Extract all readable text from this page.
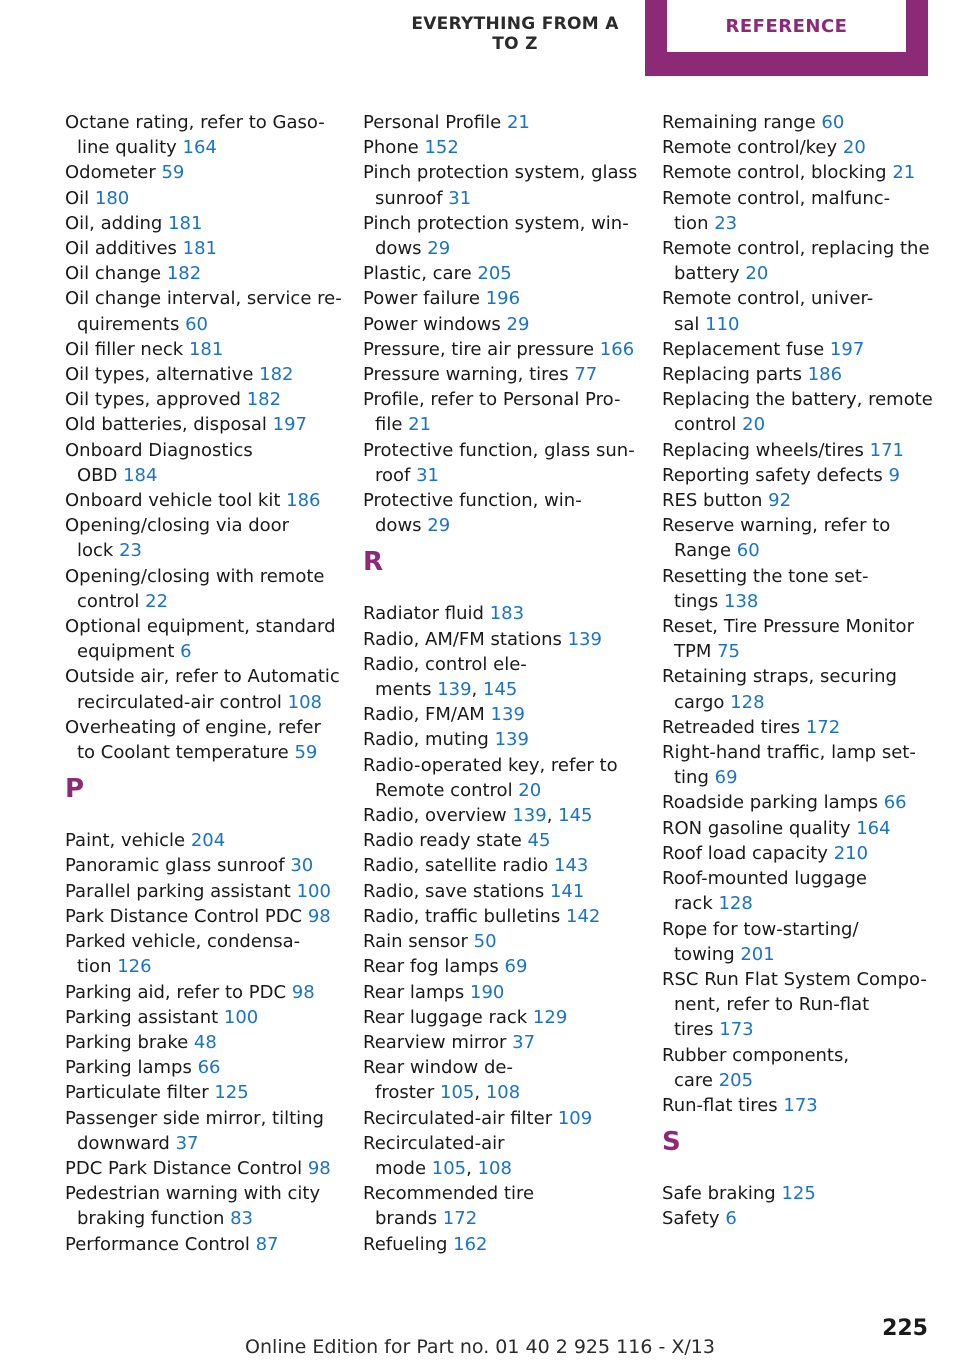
EVERYTHING FROM A TO Z
REFERENCE
Octane rating, refer to Gaso-
line quality 164
Odometer 59
Oil 180
Oil, adding 181
Oil additives 181
Oil change 182
Oil change interval, service re-
quirements 60
Oil filler neck 181
Oil types, alternative 182
Oil types, approved 182
Old batteries, disposal 197
Onboard Diagnostics
OBD 184
Onboard vehicle tool kit 186
Opening/closing via door
lock 23
Opening/closing with remote
control 22
Optional equipment, standard
equipment 6
Outside air, refer to Automatic
recirculated-air control 108
Overheating of engine, refer
to Coolant temperature 59
P
Paint, vehicle 204
Panoramic glass sunroof 30
Parallel parking assistant 100
Park Distance Control PDC 98
Parked vehicle, condensa-
tion 126
Parking aid, refer to PDC 98
Parking assistant 100
Parking brake 48
Parking lamps 66
Particulate filter 125
Passenger side mirror, tilting
downward 37
PDC Park Distance Control 98
Pedestrian warning with city
braking function 83
Performance Control 87
Personal Profile 21
Phone 152
Pinch protection system, glass
sunroof 31
Pinch protection system, win-
dows 29
Plastic, care 205
Power failure 196
Power windows 29
Pressure, tire air pressure 166
Pressure warning, tires 77
Profile, refer to Personal Pro-
file 21
Protective function, glass sun-
roof 31
Protective function, win-
dows 29
R
Radiator fluid 183
Radio, AM/FM stations 139
Radio, control ele-
ments 139, 145
Radio, FM/AM 139
Radio, muting 139
Radio-operated key, refer to
Remote control 20
Radio, overview 139, 145
Radio ready state 45
Radio, satellite radio 143
Radio, save stations 141
Radio, traffic bulletins 142
Rain sensor 50
Rear fog lamps 69
Rear lamps 190
Rear luggage rack 129
Rearview mirror 37
Rear window de-
froster 105, 108
Recirculated-air filter 109
Recirculated-air
mode 105, 108
Recommended tire
brands 172
Refueling 162
Remaining range 60
Remote control/key 20
Remote control, blocking 21
Remote control, malfunc-
tion 23
Remote control, replacing the
battery 20
Remote control, univer-
sal 110
Replacement fuse 197
Replacing parts 186
Replacing the battery, remote
control 20
Replacing wheels/tires 171
Reporting safety defects 9
RES button 92
Reserve warning, refer to
Range 60
Resetting the tone set-
tings 138
Reset, Tire Pressure Monitor
TPM 75
Retaining straps, securing
cargo 128
Retreaded tires 172
Right-hand traffic, lamp set-
ting 69
Roadside parking lamps 66
RON gasoline quality 164
Roof load capacity 210
Roof-mounted luggage
rack 128
Rope for tow-starting/
towing 201
RSC Run Flat System Compo-
nent, refer to Run-flat
tires 173
Rubber components,
care 205
Run-flat tires 173
S
Safe braking 125
Safety 6
225
Online Edition for Part no. 01 40 2 925 116 - X/13
